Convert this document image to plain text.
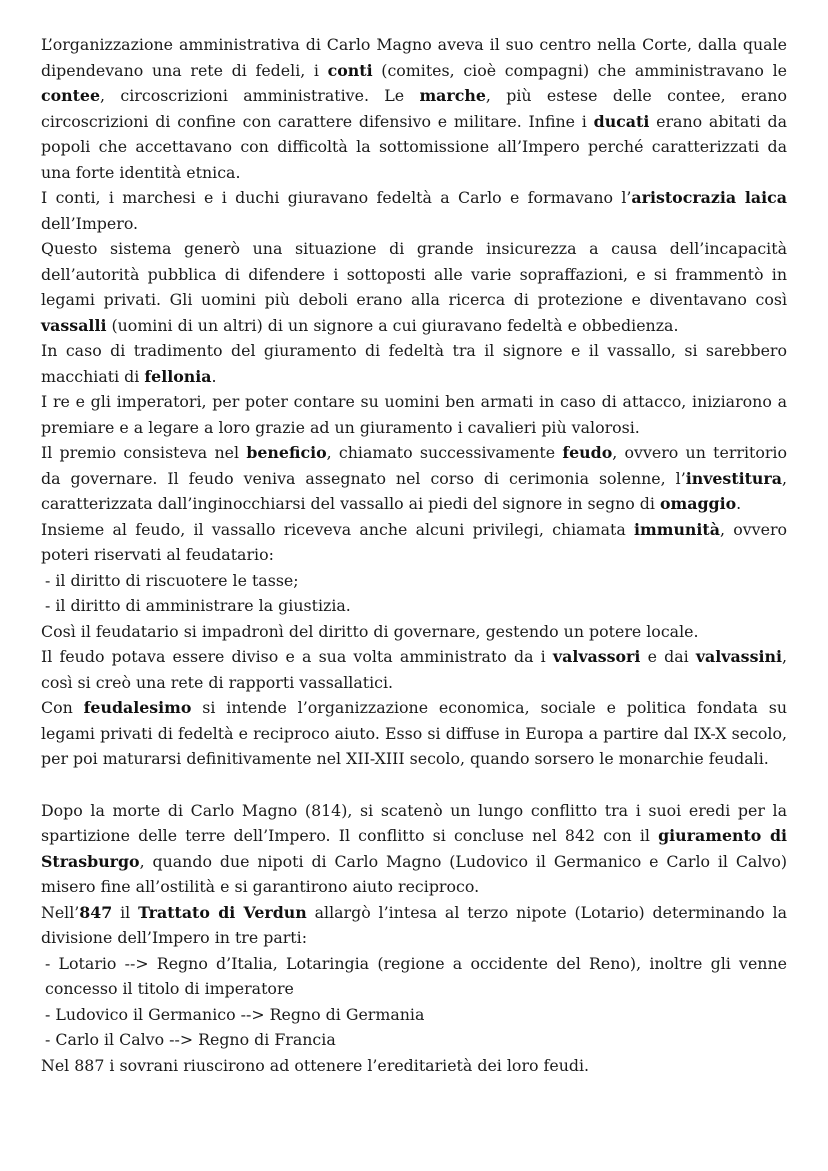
L’organizzazione amministrativa di Carlo Magno aveva il suo centro nella Corte, dalla quale dipendevano una rete di fedeli, i conti (comites, cioè compagni) che amministravano le contee, circoscrizioni amministrative. Le marche, più estese delle contee, erano circoscrizioni di confine con carattere difensivo e militare. Infine i ducati erano abitati da popoli che accettavano con difficoltà la sottomissione all’Impero perché caratterizzati da una forte identità etnica.

I conti, i marchesi e i duchi giuravano fedeltà a Carlo e formavano l’aristocrazia laica dell’Impero.

Questo sistema generò una situazione di grande insicurezza a causa dell’incapacità dell’autorità pubblica di difendere i sottoposti alle varie sopraffazioni, e si frammentò in legami privati. Gli uomini più deboli erano alla ricerca di protezione e diventavano così vassalli (uomini di un altri) di un signore a cui giuravano fedeltà e obbedienza.

In caso di tradimento del giuramento di fedeltà tra il signore e il vassallo, si sarebbero macchiati di fellonia.

I re e gli imperatori, per poter contare su uomini ben armati in caso di attacco, iniziarono a premiare e a legare a loro grazie ad un giuramento i cavalieri più valorosi.

Il premio consisteva nel beneficio, chiamato successivamente feudo, ovvero un territorio da governare. Il feudo veniva assegnato nel corso di cerimonia solenne, l’investitura, caratterizzata dall’inginocchiarsi del vassallo ai piedi del signore in segno di omaggio.

Insieme al feudo, il vassallo riceveva anche alcuni privilegi, chiamata immunità, ovvero poteri riservati al feudatario:

- il diritto di riscuotere le tasse;

- il diritto di amministrare la giustizia.

Così il feudatario si impadronì del diritto di governare, gestendo un potere locale.

Il feudo potava essere diviso e a sua volta amministrato da i valvassori e dai valvassini, così si creò una rete di rapporti vassallatici.

Con feudalesimo si intende l’organizzazione economica, sociale e politica fondata su legami privati di fedeltà e reciproco aiuto. Esso si diffuse in Europa a partire dal IX-X secolo, per poi maturarsi definitivamente nel XII-XIII secolo, quando sorsero le monarchie feudali.

Dopo la morte di Carlo Magno (814), si scatenò un lungo conflitto tra i suoi eredi per la spartizione delle terre dell’Impero. Il conflitto si concluse nel 842 con il giuramento di Strasburgo, quando due nipoti di Carlo Magno (Ludovico il Germanico e Carlo il Calvo) misero fine all’ostilità e si garantirono aiuto reciproco.

Nell’847 il Trattato di Verdun allargò l’intesa al terzo nipote (Lotario) determinando la divisione dell’Impero in tre parti:

- Lotario --> Regno d’Italia, Lotaringia (regione a occidente del Reno), inoltre gli venne concesso il titolo di imperatore

- Ludovico il Germanico --> Regno di Germania

- Carlo il Calvo --> Regno di Francia

Nel 887 i sovrani riuscirono ad ottenere l’ereditarietà dei loro feudi.
